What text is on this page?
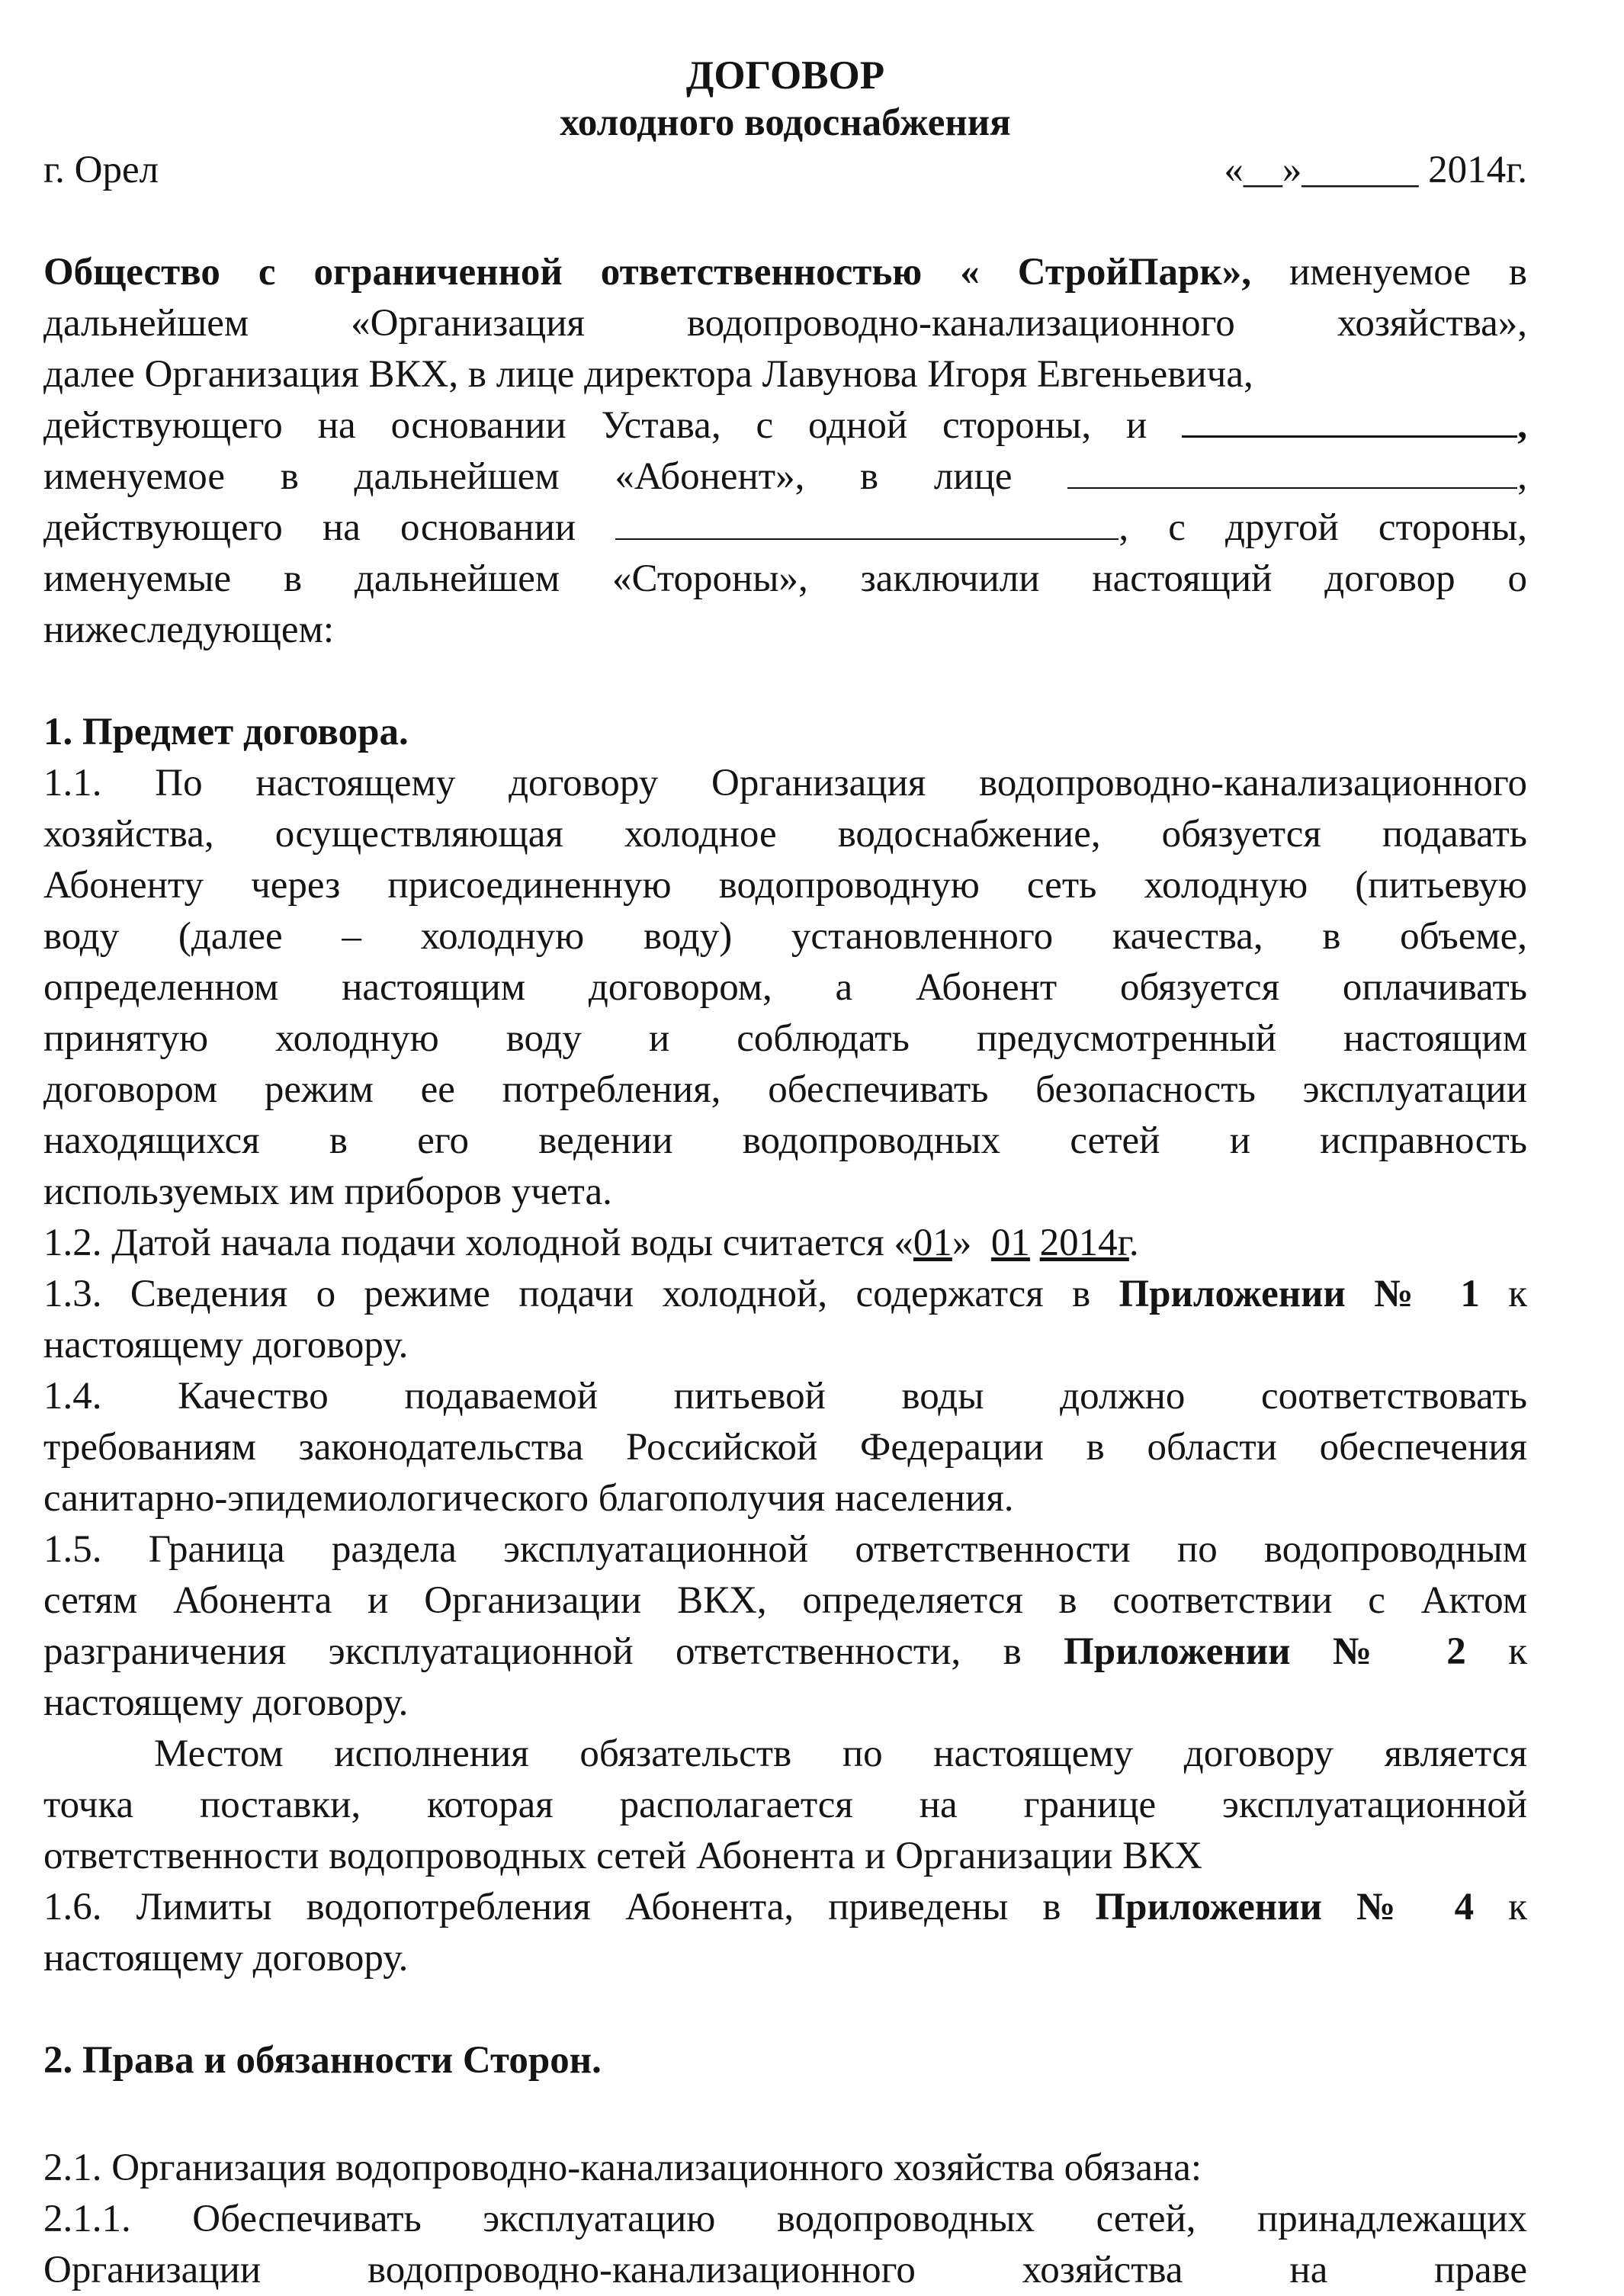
ДОГОВОР

холодного водоснабжения

г. Орел	«__»______ 2014г.

Общество с ограниченной ответственностью « СтройПарк», именуемое в

дальнейшем «Организация водопроводно-канализационного хозяйства»,

далее Организация ВКХ, в лице директора Лавунова Игоря Евгеньевича,

действующего на основании Устава, с одной стороны, и	,

именуемое в дальнейшем «Абонент», в лице	,

действующего на основании	, с другой стороны,

именуемые в дальнейшем «Стороны», заключили настоящий договор о

нижеследующем:

1. Предмет договора.

1.1. По настоящему договору Организация водопроводно-канализационного

хозяйства, осуществляющая холодное водоснабжение, обязуется подавать

Абоненту через присоединенную водопроводную сеть холодную (питьевую

воду (далее – холодную воду) установленного качества, в объеме,

определенном настоящим договором, а Абонент обязуется оплачивать

принятую холодную воду и соблюдать предусмотренный настоящим

договором режим ее потребления, обеспечивать безопасность эксплуатации

находящихся в его ведении водопроводных сетей и исправность

используемых им приборов учета.

1.2. Датой начала подачи холодной воды считается «01»  01 2014г.

1.3. Сведения о режиме подачи холодной, содержатся в Приложении № 1 к

настоящему договору.

1.4. Качество подаваемой питьевой воды должно соответствовать

требованиям законодательства Российской Федерации в области обеспечения

санитарно-эпидемиологического благополучия населения.

1.5. Граница раздела эксплуатационной ответственности по водопроводным

сетям Абонента и Организации ВКХ, определяется в соответствии с Актом

разграничения эксплуатационной ответственности, в Приложении № 2 к

настоящему договору.

Местом исполнения обязательств по настоящему договору является

точка поставки, которая располагается на границе эксплуатационной

ответственности водопроводных сетей Абонента и Организации ВКХ

1.6. Лимиты водопотребления Абонента, приведены в Приложении № 4 к

настоящему договору.

2. Права и обязанности Сторон.

2.1. Организация водопроводно-канализационного хозяйства обязана:

2.1.1. Обеспечивать эксплуатацию водопроводных сетей, принадлежащих

Организации водопроводно-канализационного хозяйства на праве
